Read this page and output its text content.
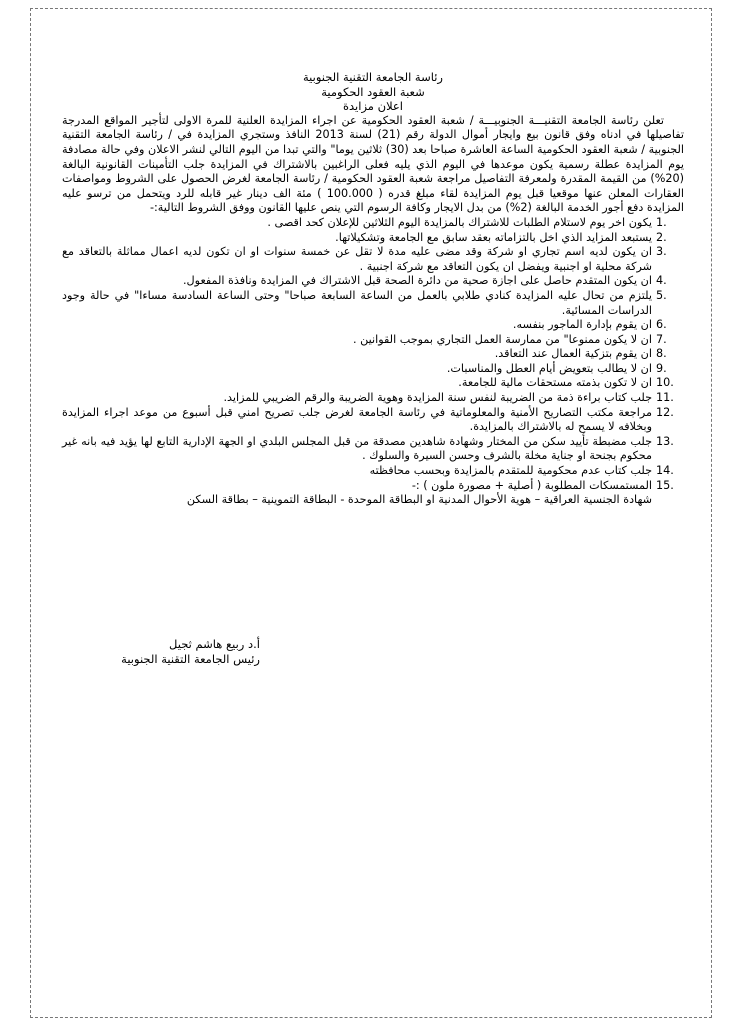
رئاسة الجامعة التقنية الجنوبية

شعبة العقود الحكومية

اعلان مزايدة

تعلن رئاسة الجامعة التقنيـــة الجنوبيـــة / شعبة العقود الحكومية عن اجراء المزايدة العلنية للمرة الاولى لتأجير المواقع المدرجة تفاصيلها في ادناه وفق قانون بيع وايجار أموال الدولة رقم (21) لسنة 2013 النافذ وستجري المزايدة في / رئاسة الجامعة التقنية الجنوبية / شعبة العقود الحكومية الساعة العاشرة صباحا بعد (30) ثلاثين يوما" والتي تبدا من اليوم التالي لنشر الاعلان وفي حالة مصادفة يوم المزايدة عطلة رسمية يكون موعدها في اليوم الذي يليه فعلى الراغبين بالاشتراك في المزايدة جلب التأمينات القانونية البالغة (20%) من القيمة المقدرة ولمعرفة التفاصيل مراجعة شعبة العقود الحكومية / رئاسة الجامعة لغرض الحصول على الشروط ومواصفات العقارات المعلن عنها موقعيا قبل يوم المزايدة لقاء مبلغ قدره ( 100.000 ) مئة الف دينار غير قابله للرد ويتحمل من ترسو عليه المزايدة دفع أجور الخدمة البالغة (2%) من بدل الايجار وكافة الرسوم التي ينص عليها القانون ووفق الشروط التالية:-

1.
يكون اخر يوم لاستلام الطلبات للاشتراك بالمزايدة اليوم الثلاثين للإعلان كحد اقصى .
2.
يستبعد المزايد الذي اخل بالتزاماته بعقد سابق مع الجامعة وتشكيلاتها.
3.
ان يكون لديه اسم تجاري او شركة وقد مضى عليه مدة لا تقل عن خمسة سنوات او ان تكون لديه اعمال مماثلة بالتعاقد مع شركة محلية او اجنبية ويفضل ان يكون التعاقد مع شركة اجنبية .
4.
ان يكون المتقدم حاصل على اجازة صحية من دائرة الصحة قبل الاشتراك في المزايدة ونافذة المفعول.
5.
يلتزم من تحال عليه المزايدة كنادي طلابي بالعمل من الساعة السابعة صباحا" وحتى الساعة السادسة مساءا" في حالة وجود الدراسات المسائية.
6.
ان يقوم بإدارة الماجور بنفسه.
7.
ان لا يكون ممنوعا" من ممارسة العمل التجاري بموجب القوانين .
8.
ان يقوم بتزكية العمال عند التعاقد.
9.
ان لا يطالب بتعويض أيام العطل والمناسبات.
10.
ان لا تكون بذمته مستحقات مالية للجامعة.
11.
جلب كتاب براءة ذمة من الضريبة لنفس سنة المزايدة وهوية الضريبة والرقم الضريبي للمزايد.
12.
مراجعة مكتب التصاريح الأمنية والمعلوماتية في رئاسة الجامعة لغرض جلب تصريح امني قبل أسبوع من موعد اجراء المزايدة وبخلافه لا يسمح له بالاشتراك بالمزايدة.
13.
جلب مضبطة تأييد سكن من المختار وشهادة شاهدين مصدقة من قبل المجلس البلدي او الجهة الإدارية التابع لها يؤيد فيه بانه غير محكوم بجنحة او جناية مخلة بالشرف وحسن السيرة والسلوك .
14.
جلب كتاب عدم محكومية للمتقدم بالمزايدة وبحسب محافظته
15.
المستمسكات المطلوبة ( أصلية + مصورة ملون ) :-

شهادة الجنسية العراقية – هوية الأحوال المدنية او البطاقة الموحدة - البطاقة التموينية – بطاقة السكن

أ.د ربيع هاشم ثجيل
رئيس الجامعة التقنية الجنوبية
